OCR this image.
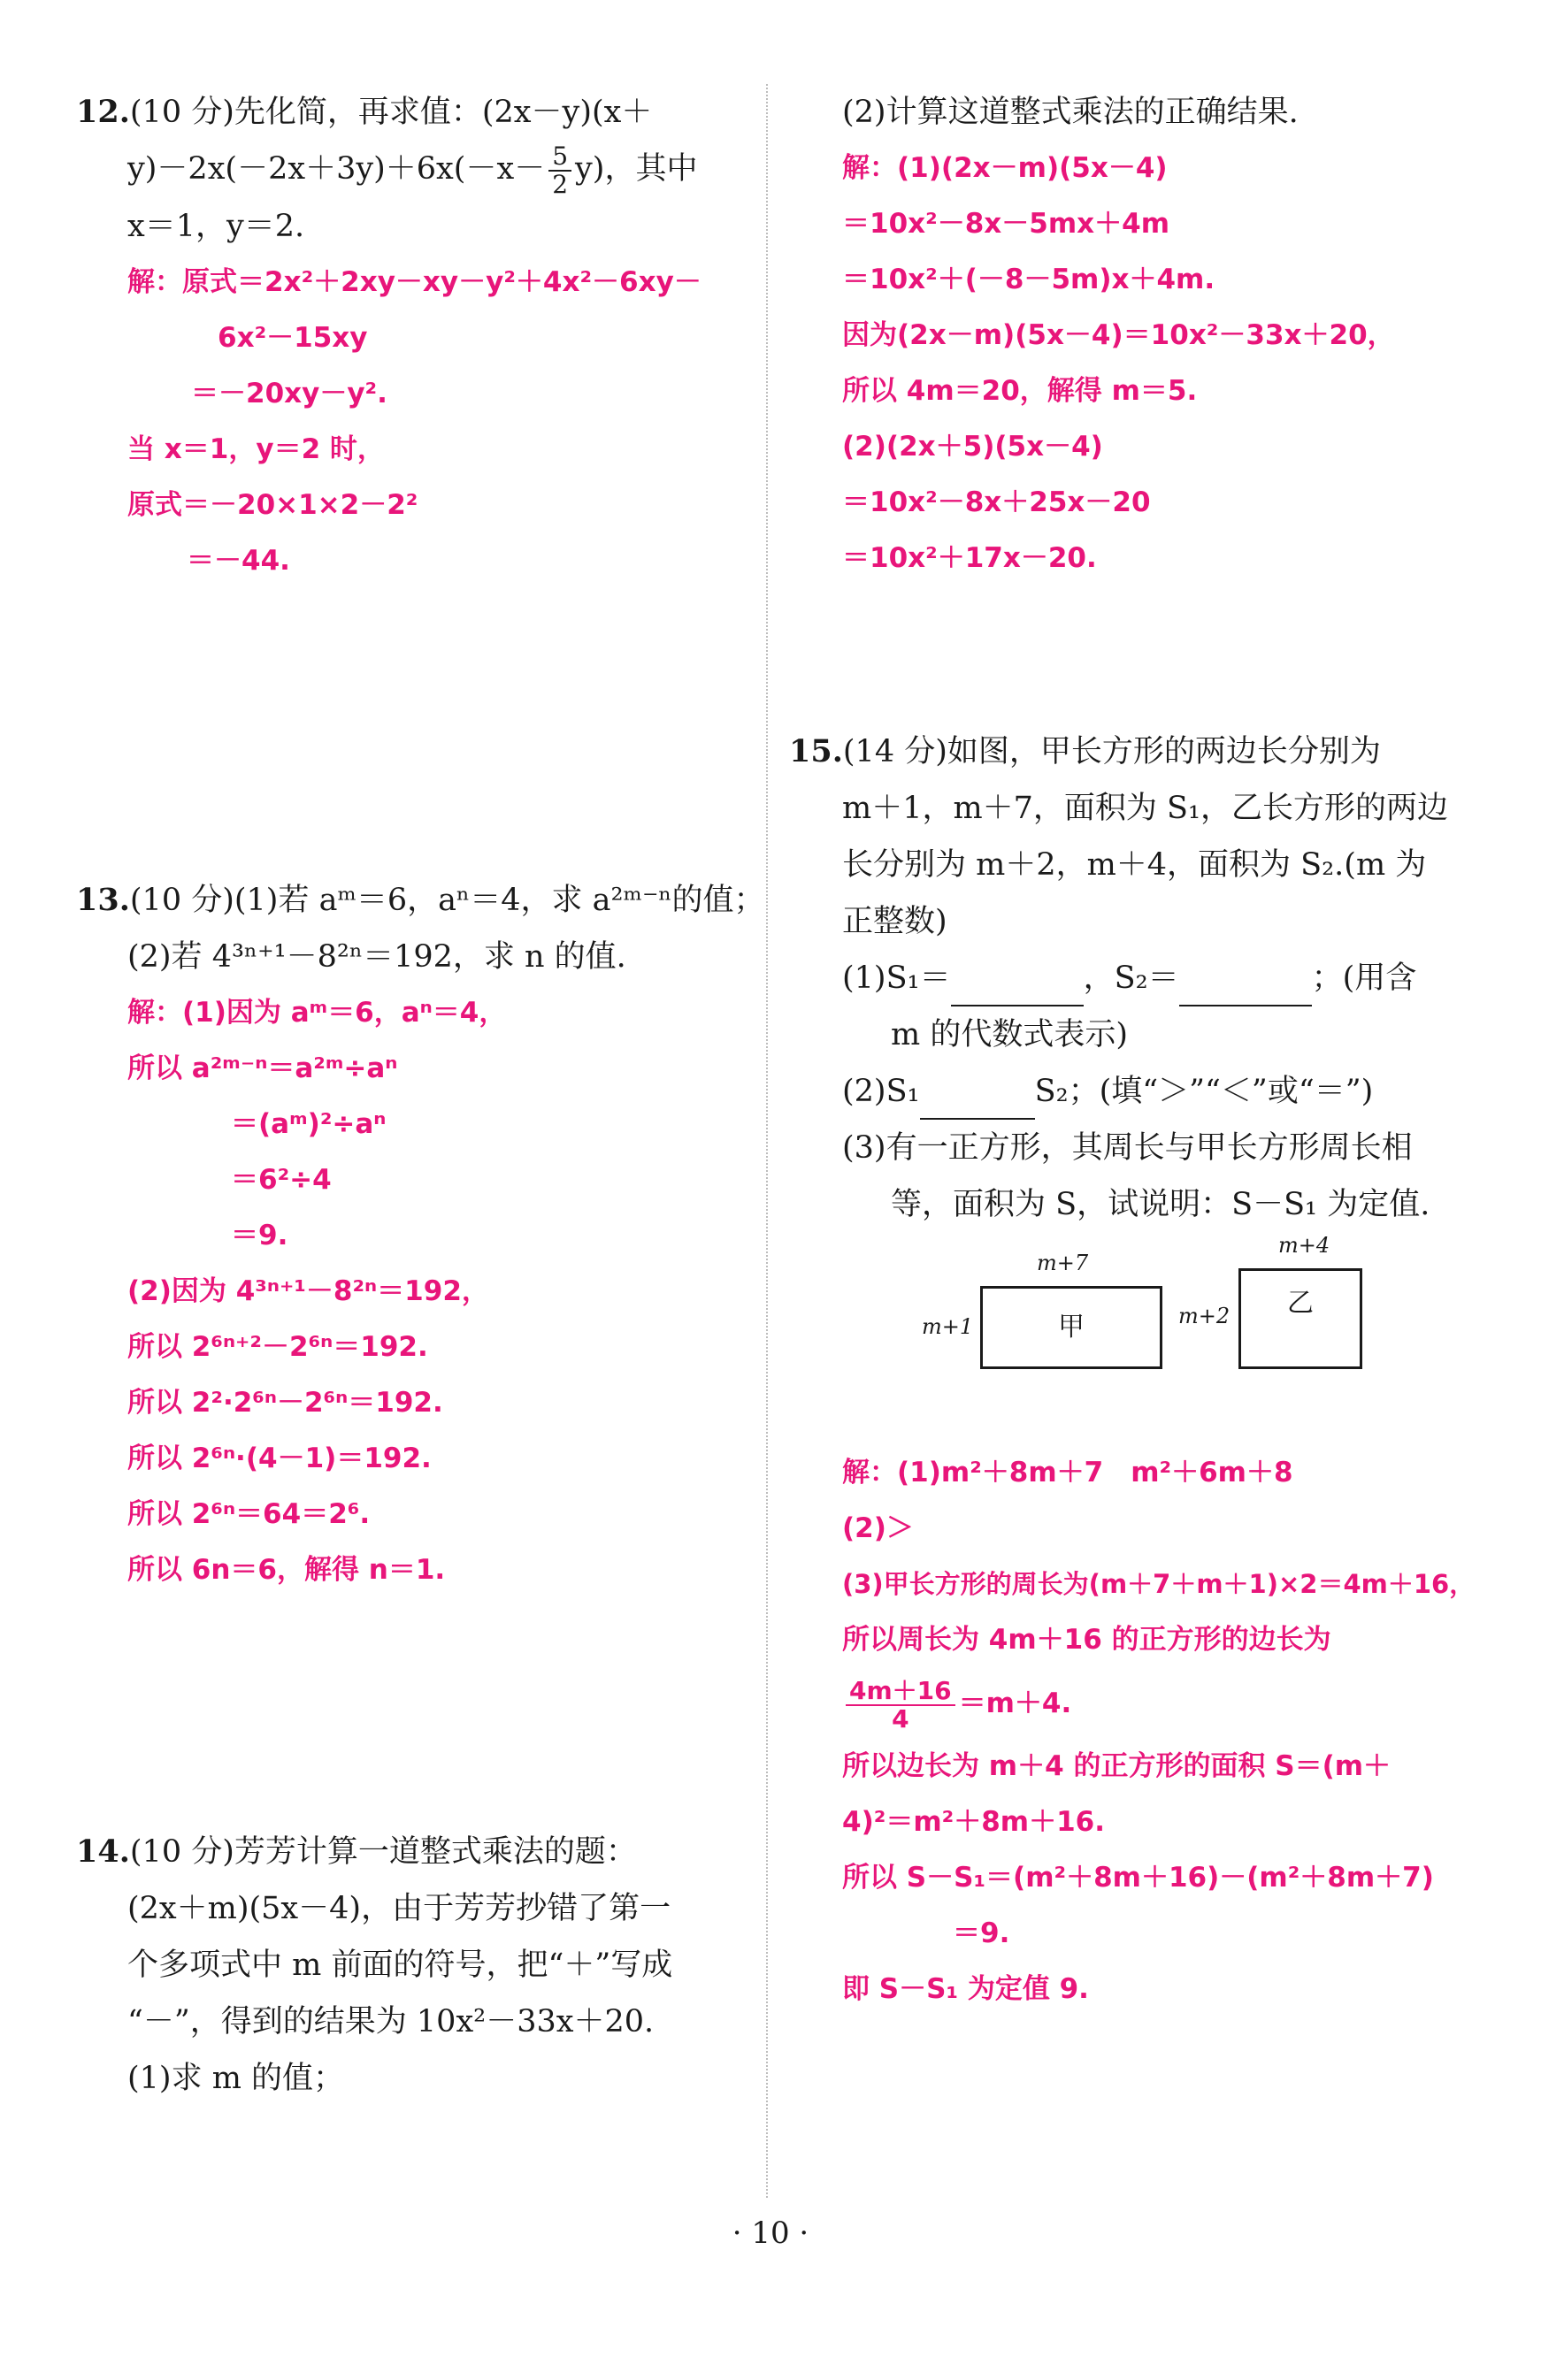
12.(10 分)先化简，再求值：(2x－y)(x＋
$y)-2x(-2x+3y)+6x(-x- \frac{5}{2} y)$，其中
x＝1，y＝2.
解：原式＝2x²＋2xy－xy－y²＋4x²－6xy－
6x²－15xy
＝－20xy－y².
当 x＝1，y＝2 时，
原式＝－20×1×2－2²
＝－44.
13.(10 分)(1)若 aᵐ＝6，aⁿ＝4，求 a²ᵐ⁻ⁿ的值；
(2)若 4³ⁿ⁺¹－8²ⁿ＝192，求 n 的值.
解：(1)因为 aᵐ＝6，aⁿ＝4，
所以 a²ᵐ⁻ⁿ＝a²ᵐ÷aⁿ
＝(aᵐ)²÷aⁿ
＝6²÷4
＝9.
(2)因为 4³ⁿ⁺¹－8²ⁿ＝192，
所以 2⁶ⁿ⁺²－2⁶ⁿ＝192.
所以 2²·2⁶ⁿ－2⁶ⁿ＝192.
所以 2⁶ⁿ·(4－1)＝192.
所以 2⁶ⁿ＝64＝2⁶.
所以 6n＝6，解得 n＝1.
14.(10 分)芳芳计算一道整式乘法的题：
(2x＋m)(5x－4)，由于芳芳抄错了第一
个多项式中 m 前面的符号，把“＋”写成
“－”，得到的结果为 10x²－33x＋20.
(1)求 m 的值；
(2)计算这道整式乘法的正确结果.
解：(1)(2x－m)(5x－4)
＝10x²－8x－5mx＋4m
＝10x²＋(－8－5m)x＋4m.
因为(2x－m)(5x－4)＝10x²－33x＋20，
所以 4m＝20，解得 m＝5.
(2)(2x＋5)(5x－4)
＝10x²－8x＋25x－20
＝10x²＋17x－20.
15.(14 分)如图，甲长方形的两边长分别为
m＋1，m＋7，面积为 S₁，乙长方形的两边
长分别为 m＋2，m＋4，面积为 S₂.(m 为
正整数)
(1)S₁＝	，S₂＝	；(用含
m 的代数式表示)
(2)S₁	S₂；(填“＞”“＜”或“＝”)
(3)有一正方形，其周长与甲长方形周长相
等，面积为 S，试说明：S－S₁ 为定值.
m+7
m+1	甲
m+4
m+2	乙
解：(1)m²＋8m＋7　m²＋6m＋8
(2)＞
(3)甲长方形的周长为(m＋7＋m＋1)×2＝4m＋16，
所以周长为 4m＋16 的正方形的边长为
$\frac{4m+16}{4} =m+4$.
所以边长为 m＋4 的正方形的面积 S＝(m＋
4)²＝m²＋8m＋16.
所以 S－S₁＝(m²＋8m＋16)－(m²＋8m＋7)
＝9.
即 S－S₁ 为定值 9.
· 10 ·
